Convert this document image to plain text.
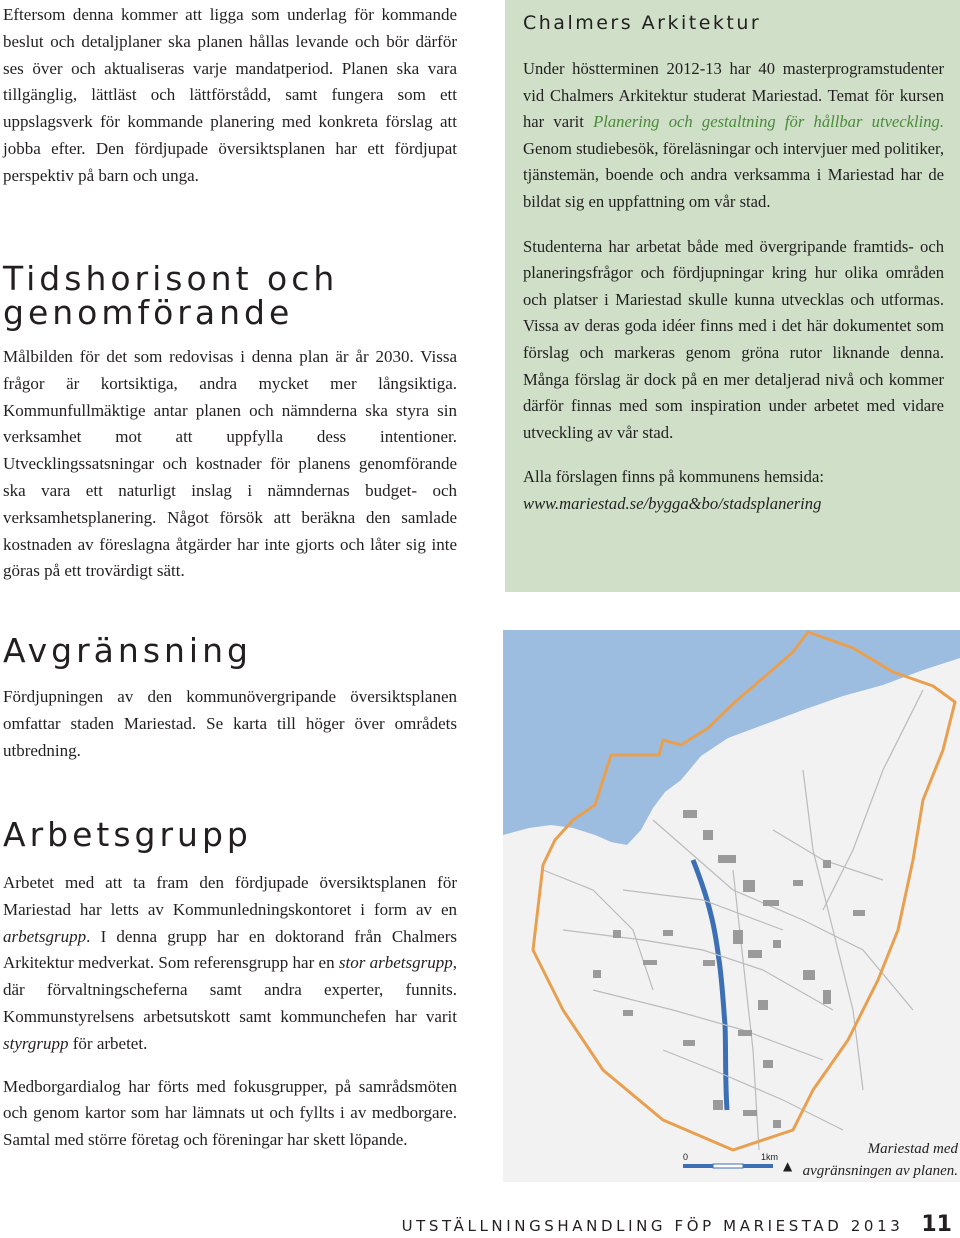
Eftersom denna kommer att ligga som underlag för kommande beslut och detaljplaner ska planen hållas levande och bör därför ses över och aktualiseras varje mandatperiod. Planen ska vara tillgänglig, lättläst och lättförstådd, samt fungera som ett uppslagsverk för kommande planering med konkreta förslag att jobba efter. Den fördjupade översiktsplanen har ett fördjupat perspektiv på barn och unga.

Tidshorisont och
genomförande

Målbilden för det som redovisas i denna plan är år 2030. Vissa frågor är kortsiktiga, andra mycket mer långsiktiga. Kommunfullmäktige antar planen och nämnderna ska styra sin verksamhet mot att uppfylla dess intentioner. Utvecklingssatsningar och kostnader för planens genomförande ska vara ett naturligt inslag i nämndernas budget- och verksamhetsplanering. Något försök att beräkna den samlade kostnaden av föreslagna åtgärder har inte gjorts och låter sig inte göras på ett trovärdigt sätt.

Avgränsning

Fördjupningen av den kommunövergripande översiktsplanen omfattar staden Mariestad. Se karta till höger över områdets utbredning.

Arbetsgrupp

Arbetet med att ta fram den fördjupade översiktsplanen för Mariestad har letts av Kommunledningskontoret i form av en arbetsgrupp. I denna grupp har en doktorand från Chalmers Arkitektur medverkat. Som referensgrupp har en stor arbetsgrupp, där förvaltningscheferna samt andra experter, funnits. Kommunstyrelsens arbetsutskott samt kommunchefen har varit styrgrupp för arbetet.

Medborgardialog har förts med fokusgrupper, på samrådsmöten och genom kartor som har lämnats ut och fyllts i av medborgare. Samtal med större företag och föreningar har skett löpande.

Chalmers Arkitektur

Under höstterminen 2012-13 har 40 masterprogramstudenter vid Chalmers Arkitektur studerat Mariestad. Temat för kursen har varit Planering och gestaltning för hållbar utveckling. Genom studiebesök, föreläsningar och intervjuer med politiker, tjänstemän, boende och andra verksamma i Mariestad har de bildat sig en uppfattning om vår stad.

Studenterna har arbetat både med övergripande framtids- och planeringsfrågor och fördjupningar kring hur olika områden och platser i Mariestad skulle kunna utvecklas och utformas. Vissa av deras goda idéer finns med i det här dokumentet som förslag och markeras genom gröna rutor liknande denna. Många förslag är dock på en mer detaljerad nivå och kommer därför finnas med som inspiration under arbetet med vidare utveckling av vår stad.

Alla förslagen finns på kommunens hemsida:

www.mariestad.se/bygga&bo/stadsplanering

0	1km
▲
Mariestad med
avgränsningen av planen.
UTSTÄLLNINGSHANDLING FÖP MARIESTAD 2013 11
